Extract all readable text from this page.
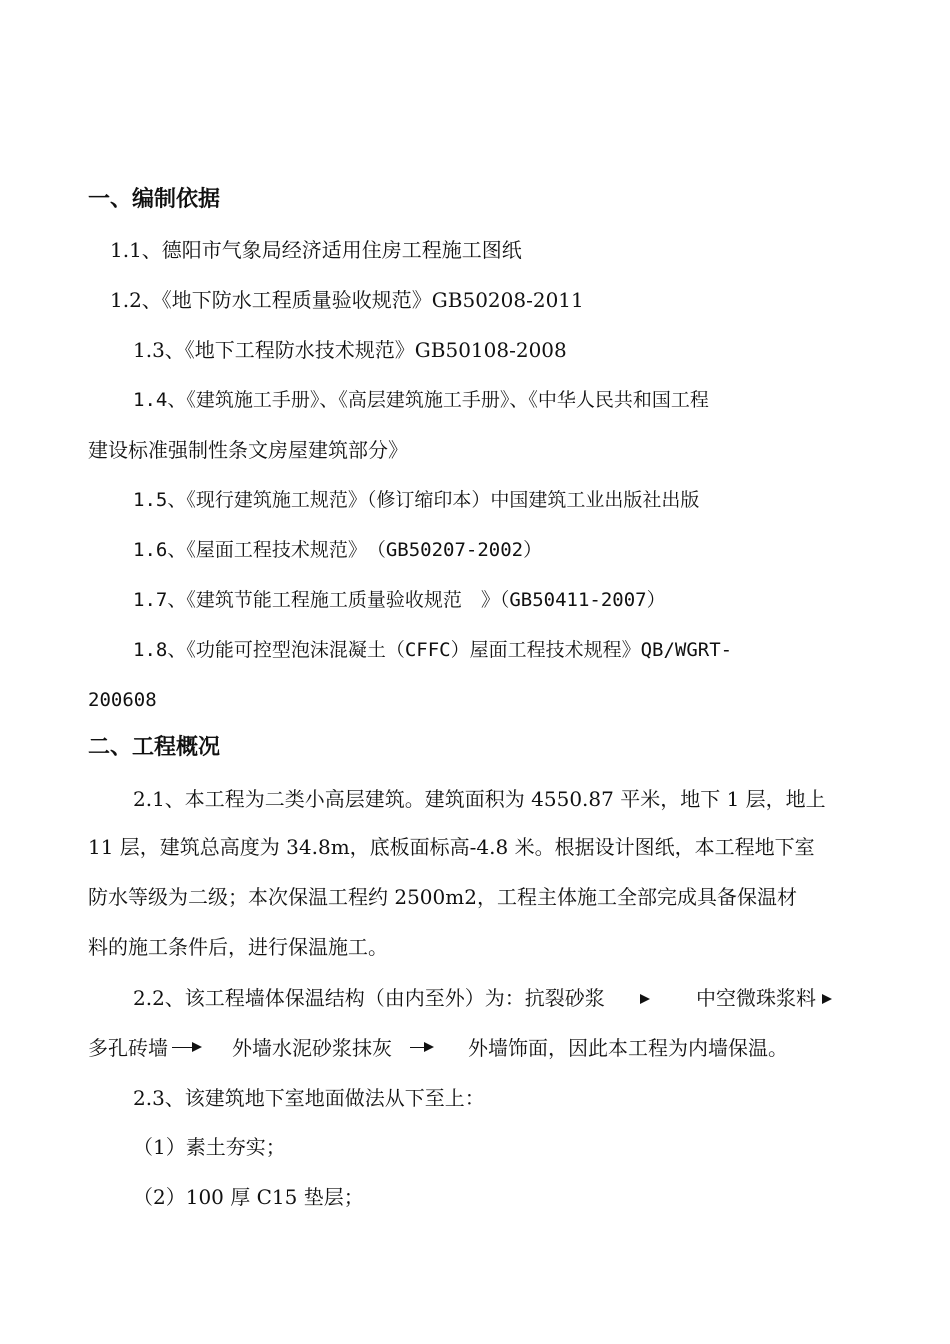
一、编制依据
1.1、德阳市气象局经济适用住房工程施工图纸
1.2、《地下防水工程质量验收规范》GB50208-2011
1.3、《地下工程防水技术规范》GB50108-2008
1.4、《建筑施工手册》、《高层建筑施工手册》、《中华人民共和国工程
建设标准强制性条文房屋建筑部分》
1.5、《现行建筑施工规范》（修订缩印本）中国建筑工业出版社出版
1.6、《屋面工程技术规范》　（GB50207-2002）
1.7、《建筑节能工程施工质量验收规范　》（GB50411-2007）
1.8、《功能可控型泡沫混凝土（CFFC）屋面工程技术规程》QB/WGRT-
200608
二、工程概况
2.1、本工程为二类小高层建筑。建筑面积为 4550.87 平米，地下 1 层，地上
11 层，建筑总高度为 34.8m，底板面标高-4.8 米。根据设计图纸，本工程地下室
防水等级为二级；本次保温工程约 2500m2，工程主体施工全部完成具备保温材
料的施工条件后，进行保温施工。
2.2、该工程墙体保温结构（由内至外）为：抗裂砂浆	中空微珠浆料
多孔砖墙	外墙水泥砂浆抹灰	外墙饰面，因此本工程为内墙保温。
2.3、该建筑地下室地面做法从下至上：
（1）素土夯实；
（2）100 厚 C15 垫层；
